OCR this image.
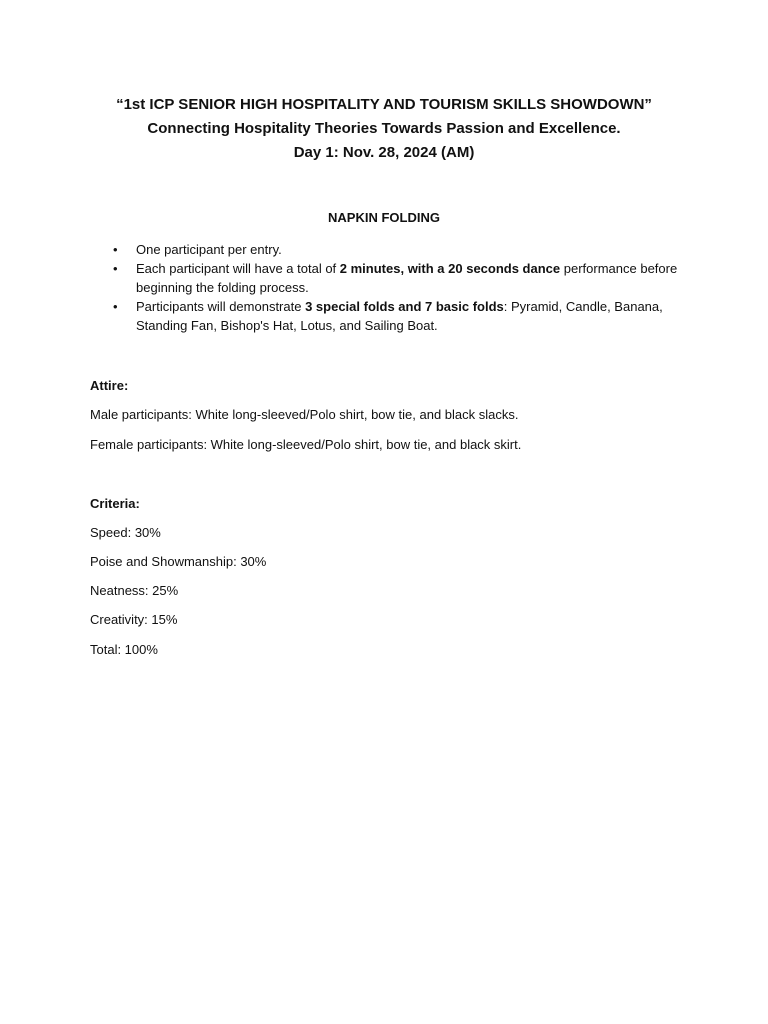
“1st ICP SENIOR HIGH HOSPITALITY AND TOURISM SKILLS SHOWDOWN”
Connecting Hospitality Theories Towards Passion and Excellence.
Day 1: Nov. 28, 2024 (AM)
NAPKIN FOLDING
• One participant per entry.
• Each participant will have a total of 2 minutes, with a 20 seconds dance performance before beginning the folding process.
• Participants will demonstrate 3 special folds and 7 basic folds: Pyramid, Candle, Banana, Standing Fan, Bishop's Hat, Lotus, and Sailing Boat.
Attire:
Male participants: White long-sleeved/Polo shirt, bow tie, and black slacks.
Female participants: White long-sleeved/Polo shirt, bow tie, and black skirt.
Criteria:
Speed: 30%
Poise and Showmanship: 30%
Neatness: 25%
Creativity: 15%
Total: 100%
